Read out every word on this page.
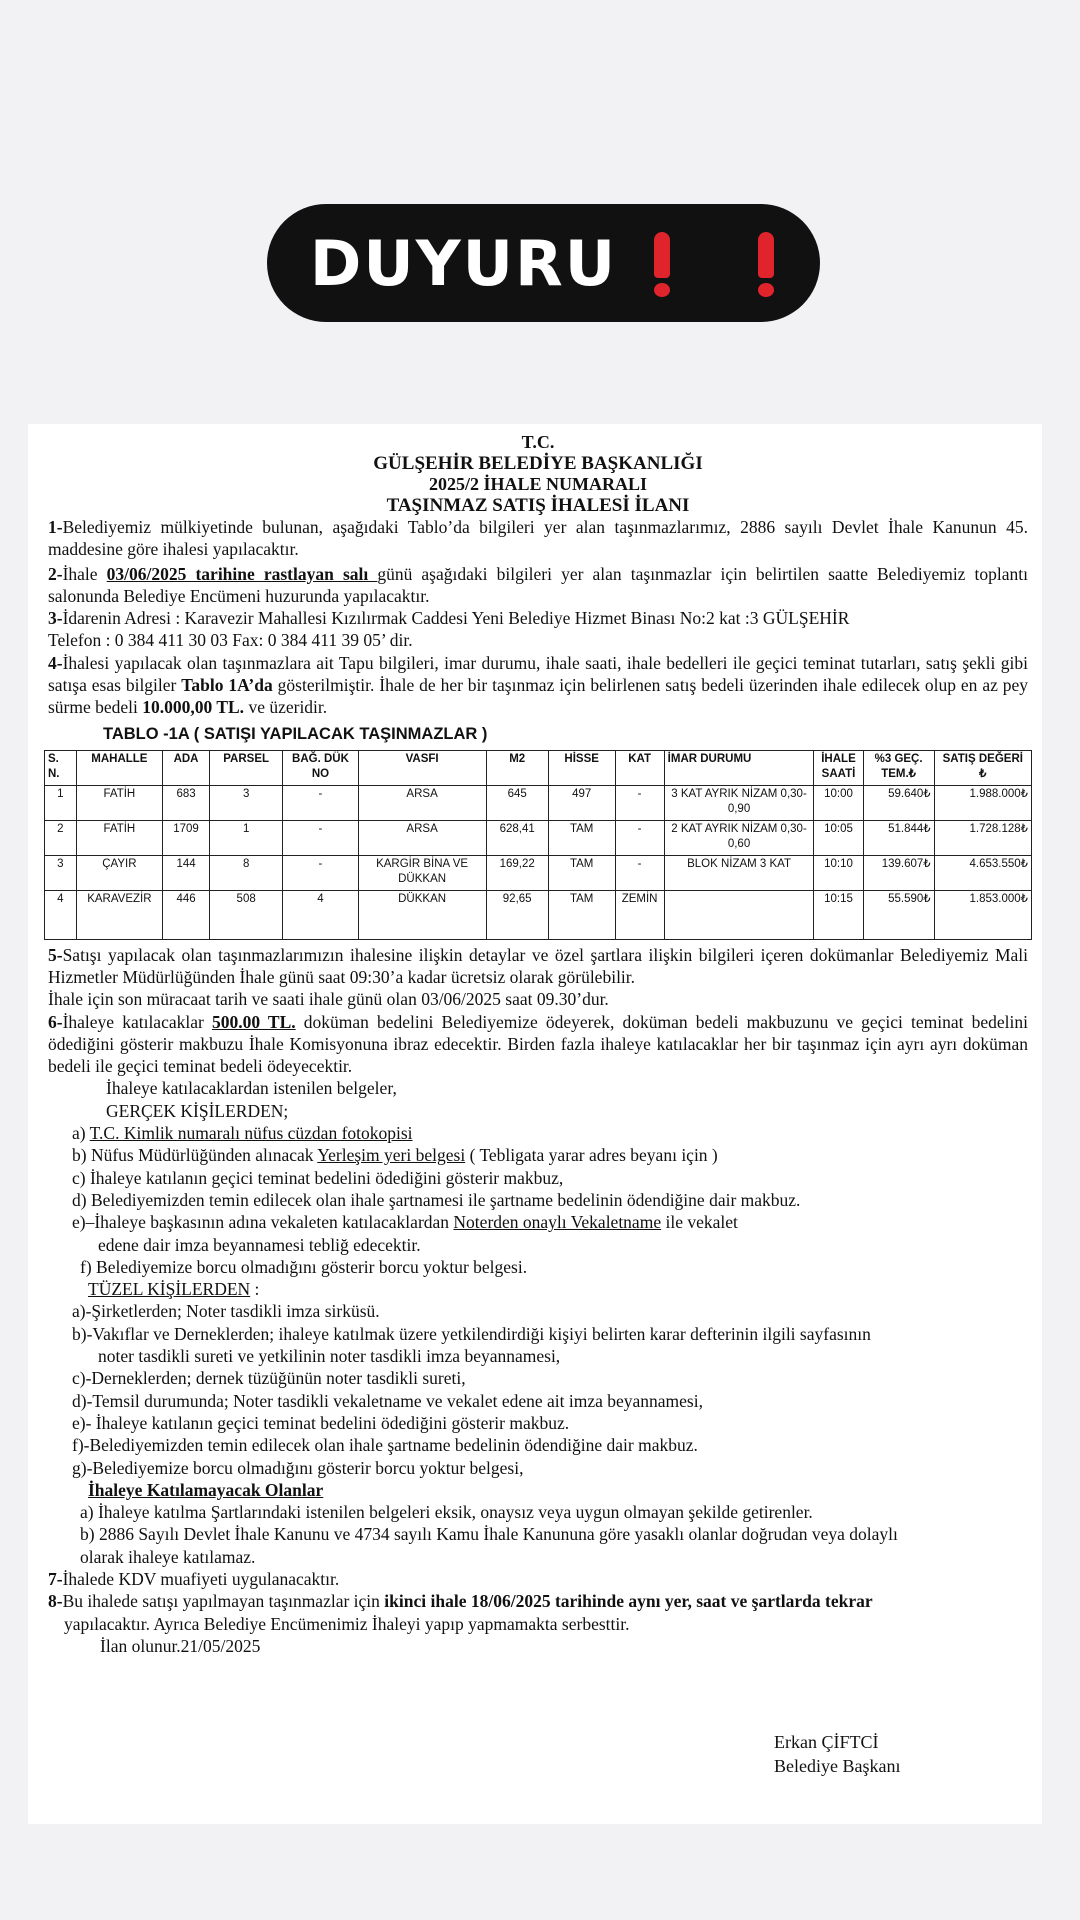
DUYURU

T.C.

GÜLŞEHİR BELEDİYE BAŞKANLIĞI

2025/2 İHALE NUMARALI

TAŞINMAZ SATIŞ İHALESİ İLANI

1-Belediyemiz mülkiyetinde bulunan, aşağıdaki Tablo’da bilgileri yer alan taşınmazlarımız, 2886 sayılı Devlet İhale Kanunun 45. maddesine göre ihalesi yapılacaktır.

2-İhale 03/06/2025 tarihine rastlayan salı günü aşağıdaki bilgileri yer alan taşınmazlar için belirtilen saatte Belediyemiz toplantı salonunda Belediye Encümeni huzurunda yapılacaktır.

3-İdarenin Adresi : Karavezir Mahallesi Kızılırmak Caddesi Yeni Belediye Hizmet Binası No:2 kat :3 GÜLŞEHİR

Telefon : 0 384 411 30 03 Fax: 0 384 411 39 05’ dir.

4-İhalesi yapılacak olan taşınmazlara ait Tapu bilgileri, imar durumu, ihale saati, ihale bedelleri ile geçici teminat tutarları, satış şekli gibi satışa esas bilgiler Tablo 1A’da gösterilmiştir. İhale de her bir taşınmaz için belirlenen satış bedeli üzerinden ihale edilecek olup en az pey sürme bedeli 10.000,00 TL. ve üzeridir.

TABLO -1A ( SATIŞI YAPILACAK TAŞINMAZLAR )
S. N.	MAHALLE	ADA	PARSEL	BAĞ. DÜK NO	VASFI	M2	HİSSE	KAT	İMAR DURUMU	İHALE SAATİ	%3 GEÇ. TEM.₺	SATIŞ DEĞERİ ₺
1	FATİH	683	3	-	ARSA	645	497	-	3 KAT AYRIK NİZAM 0,30-0,90	10:00	59.640₺	1.988.000₺
2	FATİH	1709	1	-	ARSA	628,41	TAM	-	2 KAT AYRIK NİZAM 0,30-0,60	10:05	51.844₺	1.728.128₺
3	ÇAYIR	144	8	-	KARGİR BİNA VE DÜKKAN	169,22	TAM	-	BLOK NİZAM 3 KAT	10:10	139.607₺	4.653.550₺
4	KARAVEZİR	446	508	4	DÜKKAN	92,65	TAM	ZEMİN		10:15	55.590₺	1.853.000₺

5-Satışı yapılacak olan taşınmazlarımızın ihalesine ilişkin detaylar ve özel şartlara ilişkin bilgileri içeren dokümanlar Belediyemiz Mali Hizmetler Müdürlüğünden İhale günü saat 09:30’a kadar ücretsiz olarak görülebilir.

İhale için son müracaat tarih ve saati ihale günü olan 03/06/2025 saat 09.30’dur.

6-İhaleye katılacaklar 500.00 TL. doküman bedelini Belediyemize ödeyerek, doküman bedeli makbuzunu ve geçici teminat bedelini ödediğini gösterir makbuzu İhale Komisyonuna ibraz edecektir. Birden fazla ihaleye katılacaklar her bir taşınmaz için ayrı ayrı doküman bedeli ile geçici teminat bedeli ödeyecektir.

İhaleye katılacaklardan istenilen belgeler,

GERÇEK KİŞİLERDEN;

a) T.C. Kimlik numaralı nüfus cüzdan fotokopisi

b) Nüfus Müdürlüğünden alınacak Yerleşim yeri belgesi ( Tebligata yarar adres beyanı için )

c) İhaleye katılanın geçici teminat bedelini ödediğini gösterir makbuz,

d) Belediyemizden temin edilecek olan ihale şartnamesi ile şartname bedelinin ödendiğine dair makbuz.

e)–İhaleye başkasının adına vekaleten katılacaklardan Noterden onaylı Vekaletname ile vekalet

edene dair imza beyannamesi tebliğ edecektir.

f) Belediyemize borcu olmadığını gösterir borcu yoktur belgesi.

TÜZEL KİŞİLERDEN :

a)-Şirketlerden; Noter tasdikli imza sirküsü.

b)-Vakıflar ve Derneklerden; ihaleye katılmak üzere yetkilendirdiği kişiyi belirten karar defterinin ilgili sayfasının

noter tasdikli sureti ve yetkilinin noter tasdikli imza beyannamesi,

c)-Derneklerden; dernek tüzüğünün noter tasdikli sureti,

d)-Temsil durumunda; Noter tasdikli vekaletname ve vekalet edene ait imza beyannamesi,

e)- İhaleye katılanın geçici teminat bedelini ödediğini gösterir makbuz.

f)-Belediyemizden temin edilecek olan ihale şartname bedelinin ödendiğine dair makbuz.

g)-Belediyemize borcu olmadığını gösterir borcu yoktur belgesi,

İhaleye Katılamayacak Olanlar

a) İhaleye katılma Şartlarındaki istenilen belgeleri eksik, onaysız veya uygun olmayan şekilde getirenler.

b) 2886 Sayılı Devlet İhale Kanunu ve 4734 sayılı Kamu İhale Kanununa göre yasaklı olanlar doğrudan veya dolaylı

olarak ihaleye katılamaz.

7-İhalede KDV muafiyeti uygulanacaktır.

8-Bu ihalede satışı yapılmayan taşınmazlar için ikinci ihale 18/06/2025 tarihinde aynı yer, saat ve şartlarda tekrar

yapılacaktır. Ayrıca Belediye Encümenimiz İhaleyi yapıp yapmamakta serbesttir.

İlan olunur.21/05/2025

Erkan ÇİFTCİ
Belediye Başkanı
